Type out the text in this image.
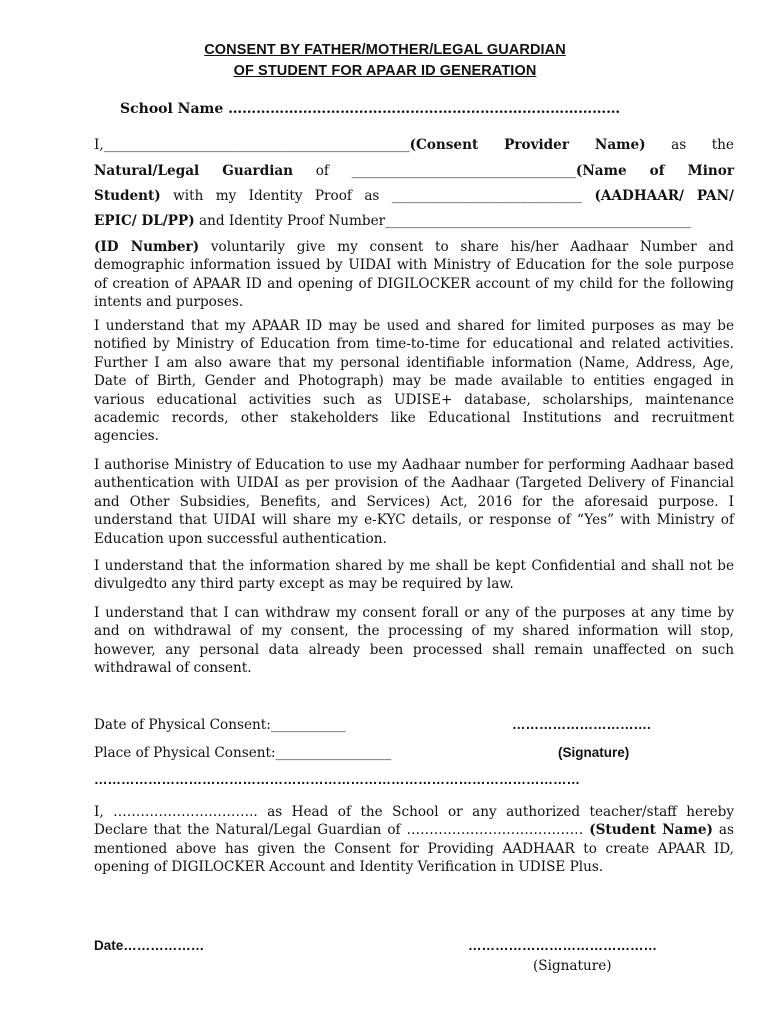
CONSENT BY FATHER/MOTHER/LEGAL GUARDIAN
OF STUDENT FOR APAAR ID GENERATION
School Name …………………………………………………………………………
I,_____________________________________________(Consent Provider Name) as the
Natural/Legal Guardian of _________________________________(Name of Minor
Student) with my Identity Proof as ____________________________ (AADHAAR/ PAN/
EPIC/ DL/PP) and Identity Proof Number_____________________________________________
(ID Number) voluntarily give my consent to share his/her Aadhaar Number and demographic information issued by UIDAI with Ministry of Education for the sole purpose of creation of APAAR ID and opening of DIGILOCKER account of my child for the following intents and purposes.
I understand that my APAAR ID may be used and shared for limited purposes as may be notified by Ministry of Education from time-to-time for educational and related activities. Further I am also aware that my personal identifiable information (Name, Address, Age, Date of Birth, Gender and Photograph) may be made available to entities engaged in various educational activities such as UDISE+ database, scholarships, maintenance academic records, other stakeholders like Educational Institutions and recruitment agencies.
I authorise Ministry of Education to use my Aadhaar number for performing Aadhaar based authentication with UIDAI as per provision of the Aadhaar (Targeted Delivery of Financial and Other Subsidies, Benefits, and Services) Act, 2016 for the aforesaid purpose. I understand that UIDAI will share my e-KYC details, or response of “Yes” with Ministry of Education upon successful authentication.
I understand that the information shared by me shall be kept Confidential and shall not be divulgedto any third party except as may be required by law.
I understand that I can withdraw my consent forall or any of the purposes at any time by and on withdrawal of my consent, the processing of my shared information will stop, however, any personal data already been processed shall remain unaffected on such withdrawal of consent.
Date of Physical Consent:___________	………………………….
Place of Physical Consent:_________________	(Signature)
………………………………………………………………………………………………
I, ………………………….. as Head of the School or any authorized teacher/staff hereby Declare that the Natural/Legal Guardian of ………………………………… (Student Name) as mentioned above has given the Consent for Providing AADHAAR to create APAAR ID, opening of DIGILOCKER Account and Identity Verification in UDISE Plus.
Date………………	……………………………………
(Signature)
